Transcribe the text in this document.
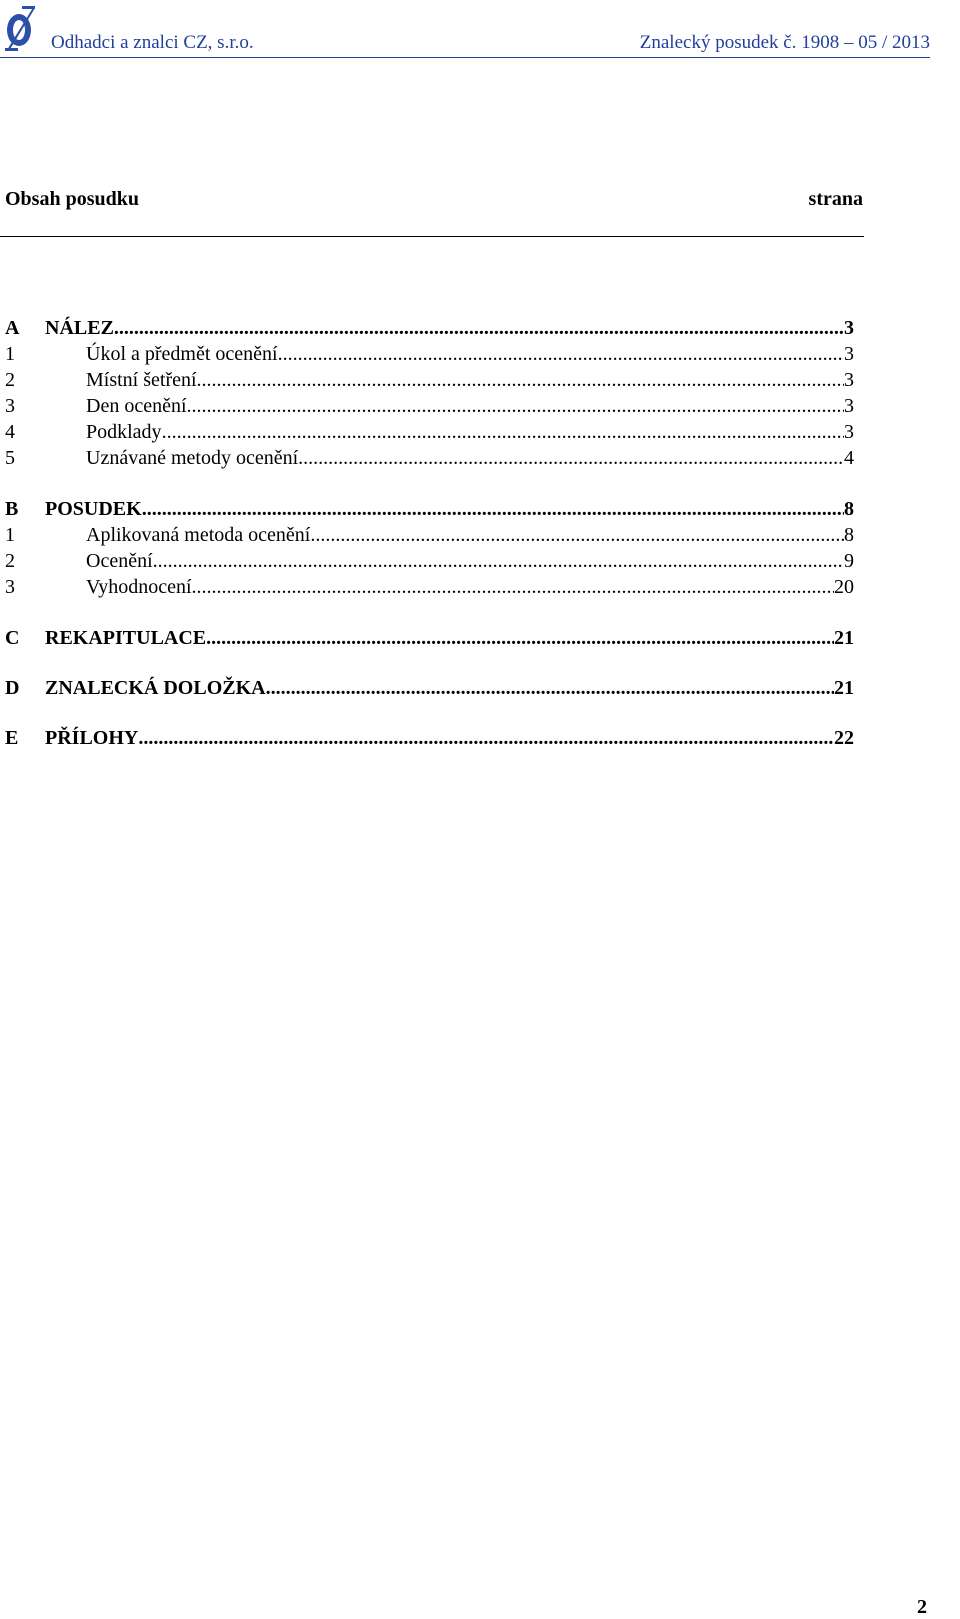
Odhadci a znalci CZ, s.r.o.	Znalecký posudek č. 1908 – 05 / 2013
Obsah posudku	strana
A	NÁLEZ .....	3
1	Úkol a předmět ocenění .....	3
2	Místní šetření .....	3
3	Den ocenění .....	3
4	Podklady .....	3
5	Uznávané metody ocenění .....	4
B	POSUDEK .....	8
1	Aplikovaná metoda ocenění .....	8
2	Ocenění .....	9
3	Vyhodnocení .....	20
C	REKAPITULACE .....	21
D	ZNALECKÁ DOLOŽKA .....	21
E	PŘÍLOHY .....	22
2
